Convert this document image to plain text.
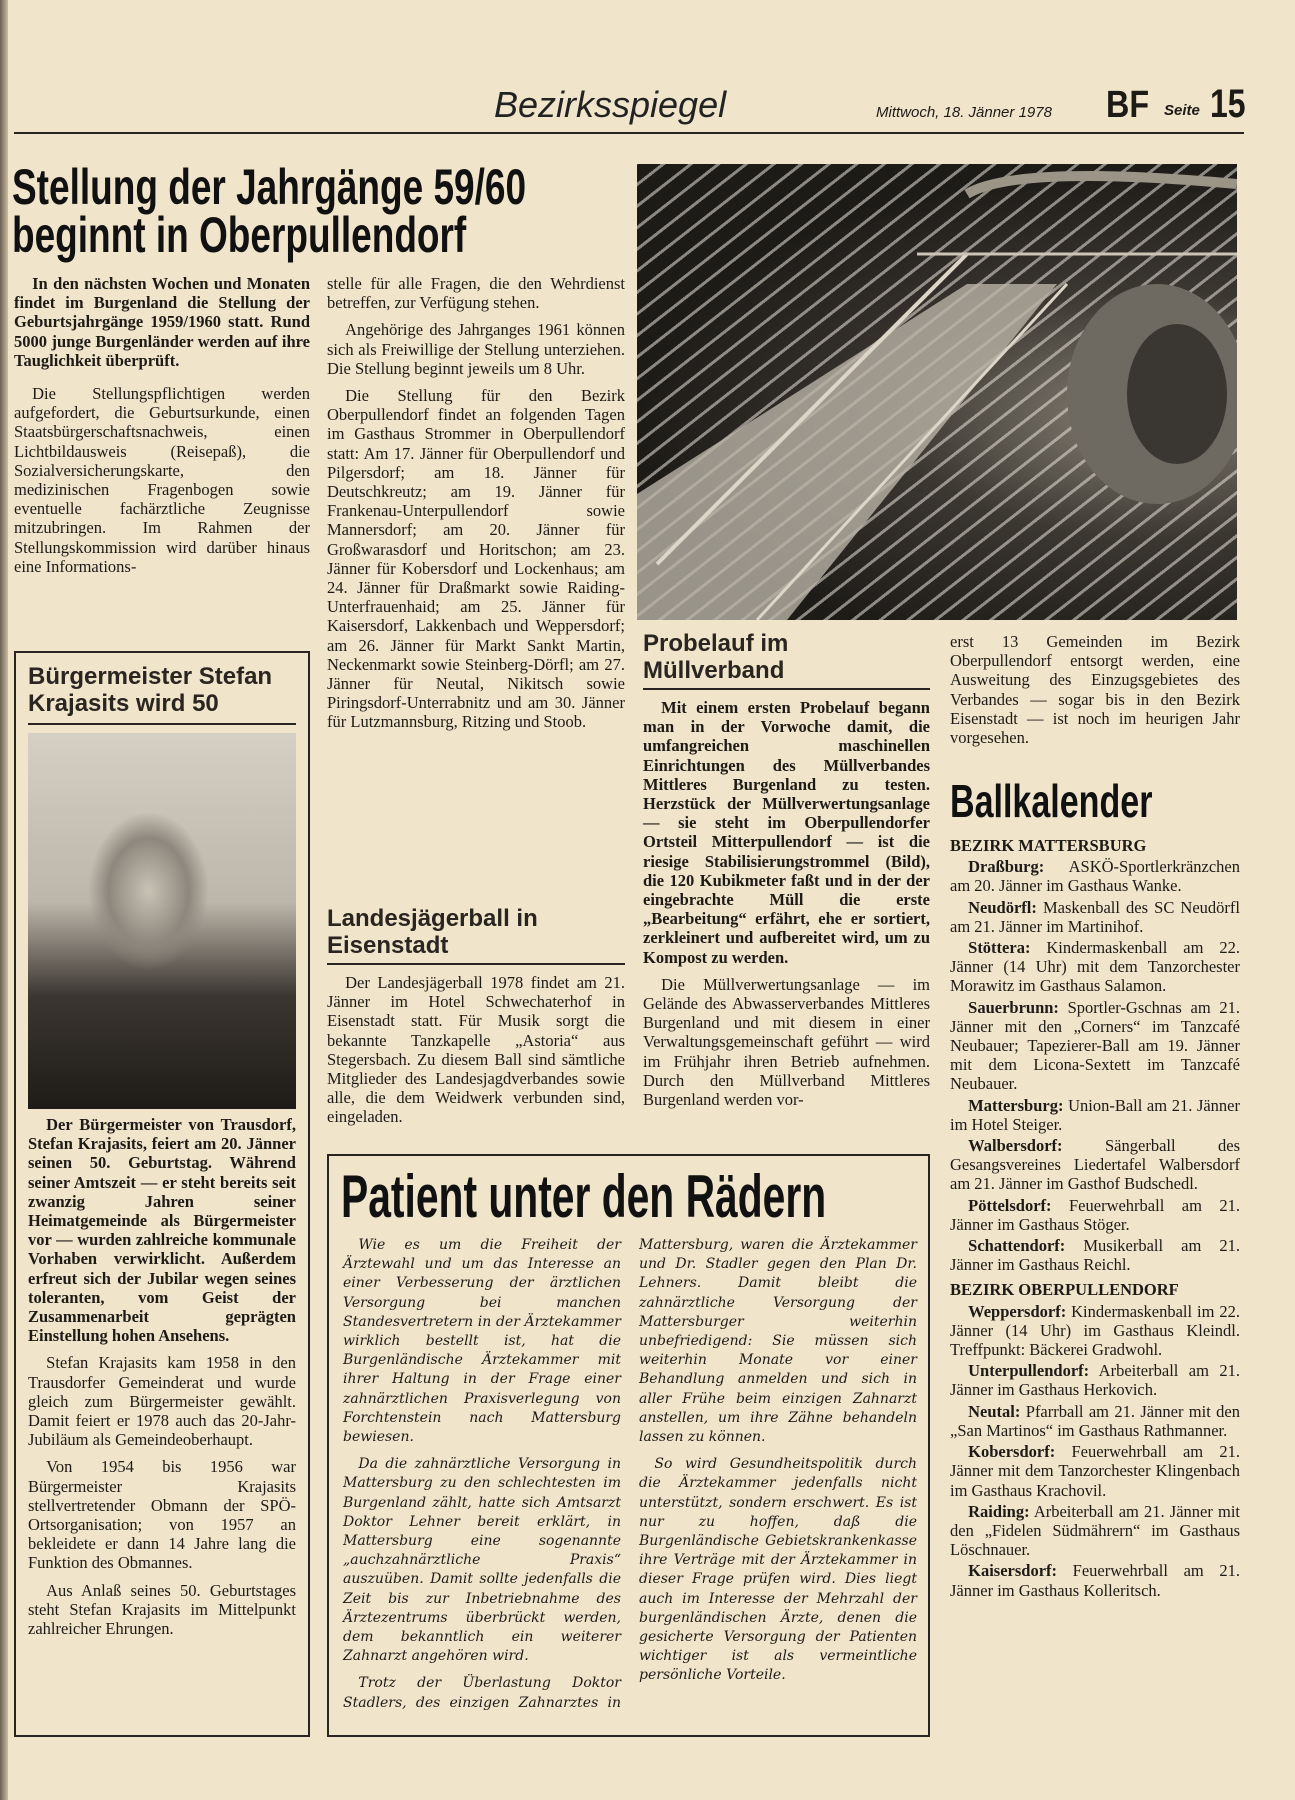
Bezirksspiegel	Mittwoch, 18. Jänner 1978 BF Seite 15
Stellung der Jahrgänge 59/60
beginnt in Oberpullendorf

In den nächsten Wochen und Monaten findet im Burgenland die Stellung der Geburtsjahrgänge 1959/1960 statt. Rund 5000 junge Burgenländer werden auf ihre Tauglichkeit überprüft.

Die Stellungspflichtigen werden aufgefordert, die Geburtsurkunde, einen Staatsbürgerschaftsnachweis, einen Lichtbildausweis (Reisepaß), die Sozialversicherungskarte, den medizinischen Fragenbogen sowie eventuelle fachärztliche Zeugnisse mitzubringen. Im Rahmen der Stellungskommission wird darüber hinaus eine Informations-

stelle für alle Fragen, die den Wehrdienst betreffen, zur Verfügung stehen.

Angehörige des Jahrganges 1961 können sich als Freiwillige der Stellung unterziehen. Die Stellung beginnt jeweils um 8 Uhr.

Die Stellung für den Bezirk Oberpullendorf findet an folgenden Tagen im Gasthaus Strommer in Oberpullendorf statt: Am 17. Jänner für Oberpullendorf und Pilgersdorf; am 18. Jänner für Deutschkreutz; am 19. Jänner für Frankenau-Unterpullendorf sowie Mannersdorf; am 20. Jänner für Großwarasdorf und Horitschon; am 23. Jänner für Kobersdorf und Lockenhaus; am 24. Jänner für Draßmarkt sowie Raiding-Unterfrauenhaid; am 25. Jänner für Kaisersdorf, Lakkenbach und Weppersdorf; am 26. Jänner für Markt Sankt Martin, Neckenmarkt sowie Steinberg-Dörfl; am 27. Jänner für Neutal, Nikitsch sowie Piringsdorf-Unterrabnitz und am 30. Jänner für Lutzmannsburg, Ritzing und Stoob.

Bürgermeister Stefan Krajasits wird 50

Der Bürgermeister von Trausdorf, Stefan Krajasits, feiert am 20. Jänner seinen 50. Geburtstag. Während seiner Amtszeit — er steht bereits seit zwanzig Jahren seiner Heimatgemeinde als Bürgermeister vor — wurden zahlreiche kommunale Vorhaben verwirklicht. Außerdem erfreut sich der Jubilar wegen seines toleranten, vom Geist der Zusammenarbeit geprägten Einstellung hohen Ansehens.

Stefan Krajasits kam 1958 in den Trausdorfer Gemeinderat und wurde gleich zum Bürgermeister gewählt. Damit feiert er 1978 auch das 20-Jahr-Jubiläum als Gemeindeoberhaupt.

Von 1954 bis 1956 war Bürgermeister Krajasits stellvertretender Obmann der SPÖ-Ortsorganisation; von 1957 an bekleidete er dann 14 Jahre lang die Funktion des Obmannes.

Aus Anlaß seines 50. Geburtstages steht Stefan Krajasits im Mittelpunkt zahlreicher Ehrungen.

Landesjägerball in Eisenstadt

Der Landesjägerball 1978 findet am 21. Jänner im Hotel Schwechaterhof in Eisenstadt statt. Für Musik sorgt die bekannte Tanzkapelle „Astoria“ aus Stegersbach. Zu diesem Ball sind sämtliche Mitglieder des Landesjagdverbandes sowie alle, die dem Weidwerk verbunden sind, eingeladen.

Probelauf im Müllverband

Mit einem ersten Probelauf begann man in der Vorwoche damit, die umfangreichen maschinellen Einrichtungen des Müllverbandes Mittleres Burgenland zu testen. Herzstück der Müllverwertungsanlage — sie steht im Oberpullendorfer Ortsteil Mitterpullendorf — ist die riesige Stabilisierungstrommel (Bild), die 120 Kubikmeter faßt und in der der eingebrachte Müll die erste „Bearbeitung“ erfährt, ehe er sortiert, zerkleinert und aufbereitet wird, um zu Kompost zu werden.

Die Müllverwertungsanlage — im Gelände des Abwasserverbandes Mittleres Burgenland und mit diesem in einer Verwaltungsgemeinschaft geführt — wird im Frühjahr ihren Betrieb aufnehmen. Durch den Müllverband Mittleres Burgenland werden vor-

erst 13 Gemeinden im Bezirk Oberpullendorf entsorgt werden, eine Ausweitung des Einzugsgebietes des Verbandes — sogar bis in den Bezirk Eisenstadt — ist noch im heurigen Jahr vorgesehen.

Ballkalender
BEZIRK MATTERSBURG

Draßburg: ASKÖ-Sportlerkränzchen am 20. Jänner im Gasthaus Wanke.

Neudörfl: Maskenball des SC Neudörfl am 21. Jänner im Martinihof.

Stöttera: Kindermaskenball am 22. Jänner (14 Uhr) mit dem Tanzorchester Morawitz im Gasthaus Salamon.

Sauerbrunn: Sportler-Gschnas am 21. Jänner mit den „Corners“ im Tanzcafé Neubauer; Tapezierer-Ball am 19. Jänner mit dem Licona-Sextett im Tanzcafé Neubauer.

Mattersburg: Union-Ball am 21. Jänner im Hotel Steiger.

Walbersdorf:	Sängerball des Gesangsvereines Liedertafel Walbersdorf am 21. Jänner im Gasthof Budschedl.

Pöttelsdorf: Feuerwehrball am 21. Jänner im Gasthaus Stöger.

Schattendorf: Musikerball am 21. Jänner im Gasthaus Reichl.

BEZIRK OBERPULLENDORF

Weppersdorf: Kindermaskenball im 22. Jänner (14 Uhr) im Gasthaus Kleindl. Treffpunkt: Bäckerei Gradwohl.

Unterpullendorf: Arbeiterball am 21. Jänner im Gasthaus Herkovich.

Neutal: Pfarrball am 21. Jänner mit den „San Martinos“ im Gasthaus Rathmanner.

Kobersdorf: Feuerwehrball am 21. Jänner mit dem Tanzorchester Klingenbach im Gasthaus Krachovil.

Raiding: Arbeiterball am 21. Jänner mit den „Fidelen Südmährern“ im Gasthaus Löschnauer.

Kaisersdorf: Feuerwehrball am 21. Jänner im Gasthaus Kolleritsch.

Patient unter den Rädern

Wie es um die Freiheit der Ärztewahl und um das Interesse an einer Verbesserung der ärztlichen Versorgung bei manchen Standesvertretern in der Ärztekammer wirklich bestellt ist, hat die Burgenländische Ärztekammer mit ihrer Haltung in der Frage einer zahnärztlichen Praxisverlegung von Forchtenstein nach Mattersburg bewiesen.

Da die zahnärztliche Versorgung in Mattersburg zu den schlechtesten im Burgenland zählt, hatte sich Amtsarzt Doktor Lehner bereit erklärt, in Mattersburg eine sogenannte „auchzahnärztliche Praxis“ auszuüben. Damit sollte jedenfalls die Zeit bis zur Inbetriebnahme des Ärztezentrums überbrückt werden, dem bekanntlich ein weiterer Zahnarzt angehören wird.

Trotz der Überlastung Doktor Stadlers, des einzigen Zahnarztes in Mattersburg, waren die Ärztekammer und Dr. Stadler gegen den Plan Dr. Lehners. Damit bleibt die zahnärztliche Versorgung der Mattersburger weiterhin unbefriedigend: Sie müssen sich weiterhin Monate vor einer Behandlung anmelden und sich in aller Frühe beim einzigen Zahnarzt anstellen, um ihre Zähne behandeln lassen zu können.

So wird Gesundheitspolitik durch die Ärztekammer jedenfalls nicht unterstützt, sondern erschwert. Es ist nur zu hoffen, daß die Burgenländische Gebietskrankenkasse ihre Verträge mit der Ärztekammer in dieser Frage prüfen wird. Dies liegt auch im Interesse der Mehrzahl der burgenländischen Ärzte, denen die gesicherte Versorgung der Patienten wichtiger ist als vermeintliche persönliche Vorteile.
